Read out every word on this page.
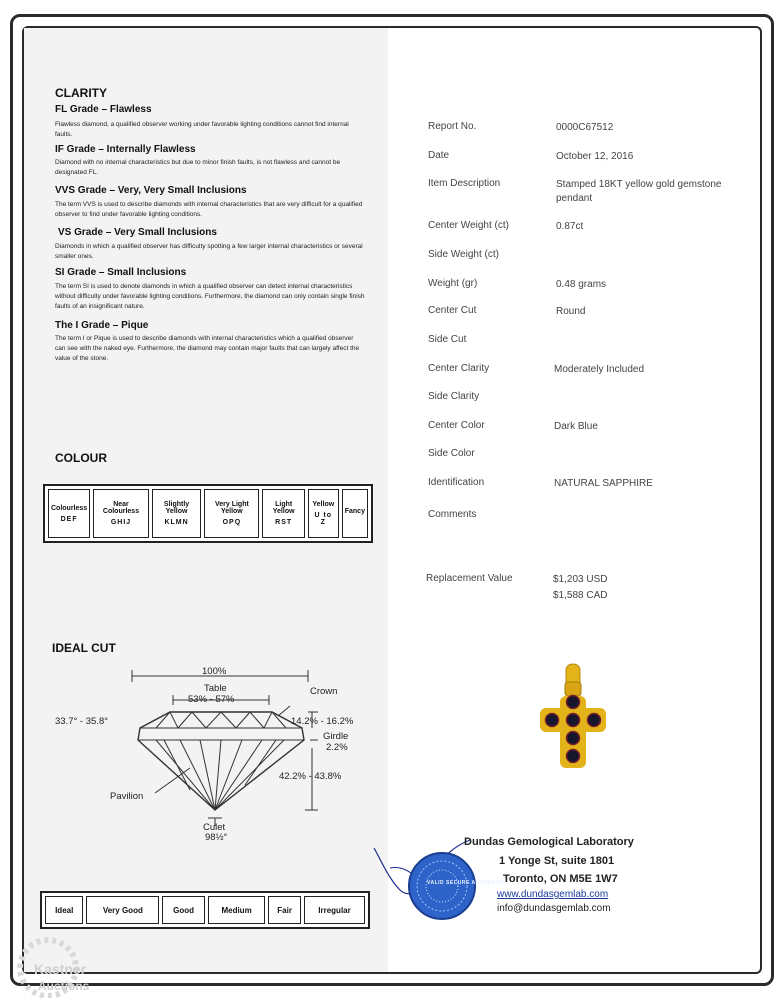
CLARITY
FL Grade – Flawless
Flawless diamond, a qualified observer working under favorable lighting conditions cannot find internal faults.
IF Grade – Internally Flawless
Diamond with no internal characteristics but due to minor finish faults, is not flawless and cannot be designated FL.
VVS Grade – Very, Very Small Inclusions
The term VVS is used to describe diamonds with internal characteristics that are very difficult for a qualified observer to find under favorable lighting conditions.
VS Grade – Very Small Inclusions
Diamonds in which a qualified observer has difficulty spotting a few larger internal characteristics or several smaller ones.
SI Grade – Small Inclusions
The term SI is used to denote diamonds in which a qualified observer can detect internal characteristics without difficulty under favorable lighting conditions. Furthermore, the diamond can only contain single finish faults of an insignificant nature.
The I Grade – Pique
The term I or Pique is used to describe diamonds with internal characteristics which a qualified observer can see with the naked eye. Furthermore, the diamond may contain major faults that can largely affect the value of the stone.
COLOUR
Colourless
DEF
	Near Colourless
GHIJ
	Slightly Yellow
KLMN
	Very Light Yellow
OPQ
	Light Yellow
RST
	Yellow
U to Z
	Fancy
IDEAL CUT
100%
Table
53% - 57%
Crown
33.7° - 35.8°	14.2% - 16.2%
Girdle
2.2%
42.2% - 43.8%
Pavilion
Culet
98½°
Ideal	Very Good	Good	Medium	Fair	Irregular
Report No.	0000C67512
Date	October 12, 2016
Item Description	Stamped 18KT yellow gold gemstone pendant
Center Weight (ct)	0.87ct
Side Weight (ct)
Weight (gr)	0.48 grams
Center Cut	Round
Side Cut
Center Clarity	Moderately Included
Side Clarity
Center Color	Dark Blue
Side Color
Identification	NATURAL SAPPHIRE
Comments
Replacement Value	$1,203 USD
$1,588 CAD
VALID SECURE AUTHENTIC
Dundas Gemological Laboratory
1 Yonge St, suite 1801
Toronto, ON M5E 1W7
www.dundasgemlab.com
info@dundasgemlab.com
Kastner
Auctions
